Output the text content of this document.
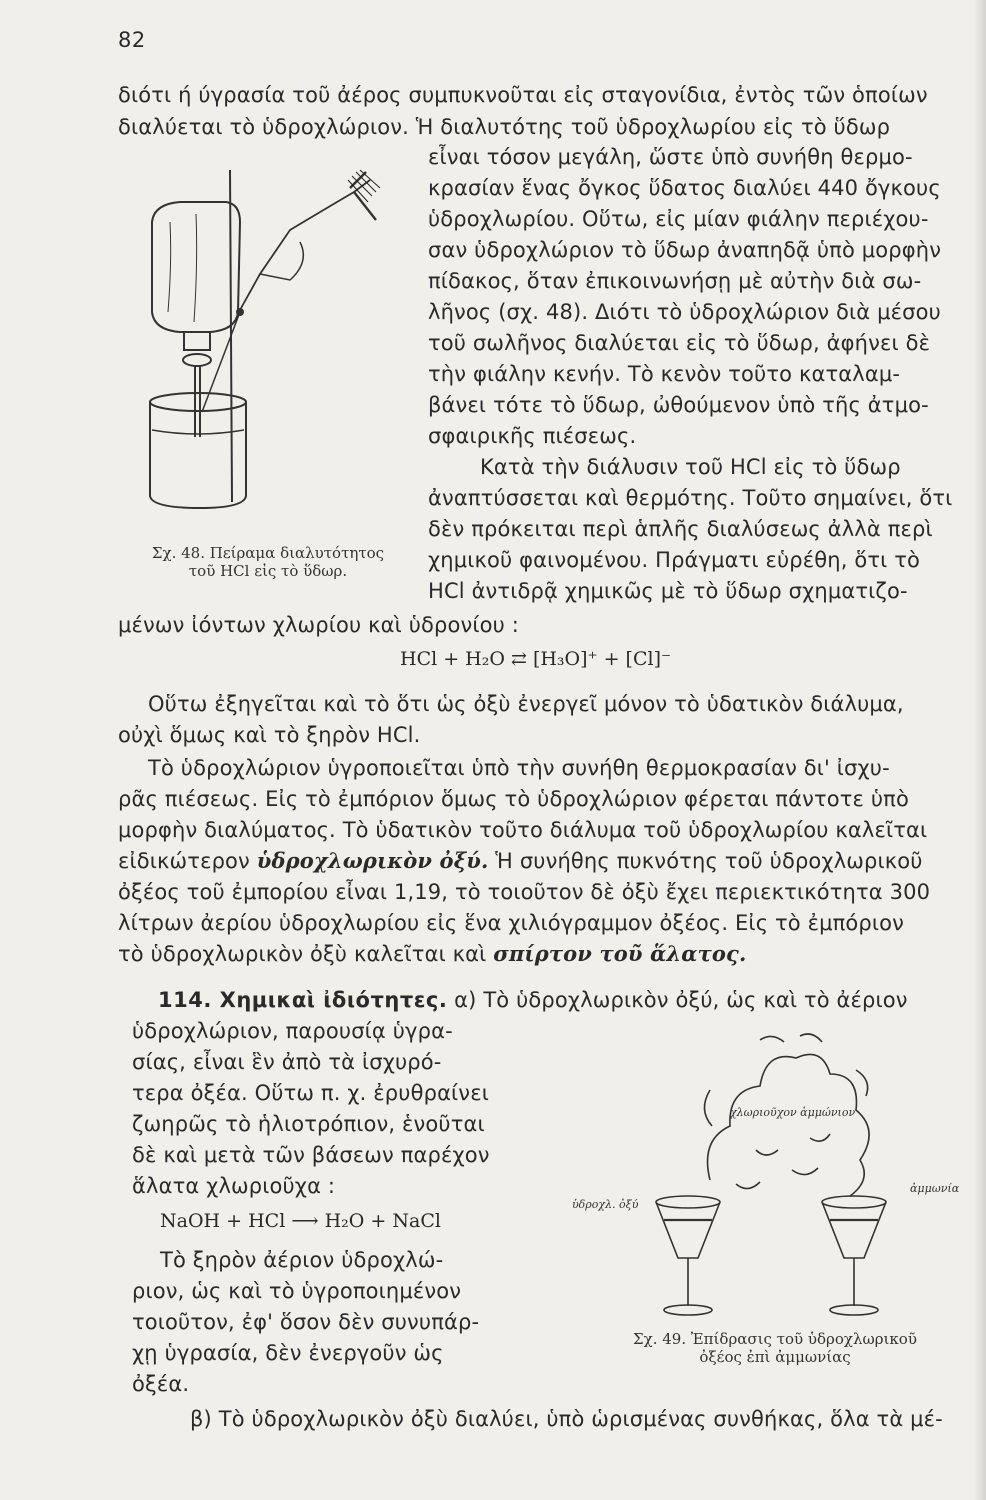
82
διότι ή ύγρασία τοῦ ἀέρος συμπυκνοῦται εἰς σταγονίδια, ἐντὸς τῶν ὁποίων
διαλύεται τὸ ὑδροχλώριον. Ἡ διαλυτότης τοῦ ὑδροχλωρίου εἰς τὸ ὕδωρ
Σχ. 48. Πείραμα διαλυτότητος
τοῦ HCl εἰς τὸ ὕδωρ.
εἶναι τόσον μεγάλη, ὥστε ὑπὸ συνήθη θερμο-
κρασίαν ἕνας ὄγκος ὕδατος διαλύει 440 ὄγκους
ὑδροχλωρίου. Οὕτω, εἰς μίαν φιάλην περιέχου-
σαν ὑδροχλώριον τὸ ὕδωρ ἀναπηδᾷ ὑπὸ μορφὴν
πίδακος, ὅταν ἐπικοινωνήσῃ μὲ αὐτὴν διὰ σω-
λῆνος (σχ. 48). Διότι τὸ ὑδροχλώριον διὰ μέσου
τοῦ σωλῆνος διαλύεται εἰς τὸ ὕδωρ, ἀφήνει δὲ
τὴν φιάλην κενήν. Τὸ κενὸν τοῦτο καταλαμ-
βάνει τότε τὸ ὕδωρ, ὠθούμενον ὑπὸ τῆς ἀτμο-
σφαιρικῆς πιέσεως.
Κατὰ τὴν διάλυσιν τοῦ HCl εἰς τὸ ὕδωρ
ἀναπτύσσεται καὶ θερμότης. Τοῦτο σημαίνει, ὅτι
δὲν πρόκειται περὶ ἁπλῆς διαλύσεως ἀλλὰ περὶ
χημικοῦ φαινομένου. Πράγματι εὑρέθη, ὅτι τὸ
HCl ἀντιδρᾷ χημικῶς μὲ τὸ ὕδωρ σχηματιζο-
μένων ἰόντων χλωρίου καὶ ὑδρονίου :
HCl + H₂O ⇄ [H₃O]⁺ + [Cl]⁻
Οὕτω ἐξηγεῖται καὶ τὸ ὅτι ὡς ὀξὺ ἐνεργεῖ μόνον τὸ ὑδατικὸν διάλυμα,
οὐχὶ ὅμως καὶ τὸ ξηρὸν HCl.
Τὸ ὑδροχλώριον ὑγροποιεῖται ὑπὸ τὴν συνήθη θερμοκρασίαν δι' ἰσχυ-
ρᾶς πιέσεως. Εἰς τὸ ἐμπόριον ὅμως τὸ ὑδροχλώριον φέρεται πάντοτε ὑπὸ
μορφὴν διαλύματος. Τὸ ὑδατικὸν τοῦτο διάλυμα τοῦ ὑδροχλωρίου καλεῖται
εἰδικώτερον ὑδροχλωρικὸν ὀξύ. Ἡ συνήθης πυκνότης τοῦ ὑδροχλωρικοῦ
ὀξέος τοῦ ἐμπορίου εἶναι 1,19, τὸ τοιοῦτον δὲ ὀξὺ ἔχει περιεκτικότητα 300
λίτρων ἀερίου ὑδροχλωρίου εἰς ἕνα χιλιόγραμμον ὀξέος. Εἰς τὸ ἐμπόριον
τὸ ὑδροχλωρικὸν ὀξὺ καλεῖται καὶ σπίρτον τοῦ ἅλατος.
114. Χημικαὶ ἰδιότητες. α) Τὸ ὑδροχλωρικὸν ὀξύ, ὡς καὶ τὸ ἀέριον
ὑδροχλώριον, παρουσίᾳ ὑγρα-
σίας, εἶναι ἓν ἀπὸ τὰ ἰσχυρό-
τερα ὀξέα. Οὕτω π. χ. ἐρυθραίνει
ζωηρῶς τὸ ἡλιοτρόπιον, ἑνοῦται
δὲ καὶ μετὰ τῶν βάσεων παρέχον
ἅλατα χλωριοῦχα :
NaOH + HCl ⟶ H₂O + NaCl
Τὸ ξηρὸν ἀέριον ὑδροχλώ-
ριον, ὡς καὶ τὸ ὑγροποιημένον
τοιοῦτον, ἐφ' ὅσον δὲν συνυπάρ-
χῃ ὑγρασία, δὲν ἐνεργοῦν ὡς
ὀξέα.
ὑδροχλ. ὀξύ
χλωριοῦχον ἀμμώνιον
ἀμμωνία
Σχ. 49. Ἐπίδρασις τοῦ ὑδροχλωρικοῦ
ὀξέος ἐπὶ ἀμμωνίας
β) Τὸ ὑδροχλωρικὸν ὀξὺ διαλύει, ὑπὸ ὡρισμένας συνθήκας, ὅλα τὰ μέ-
